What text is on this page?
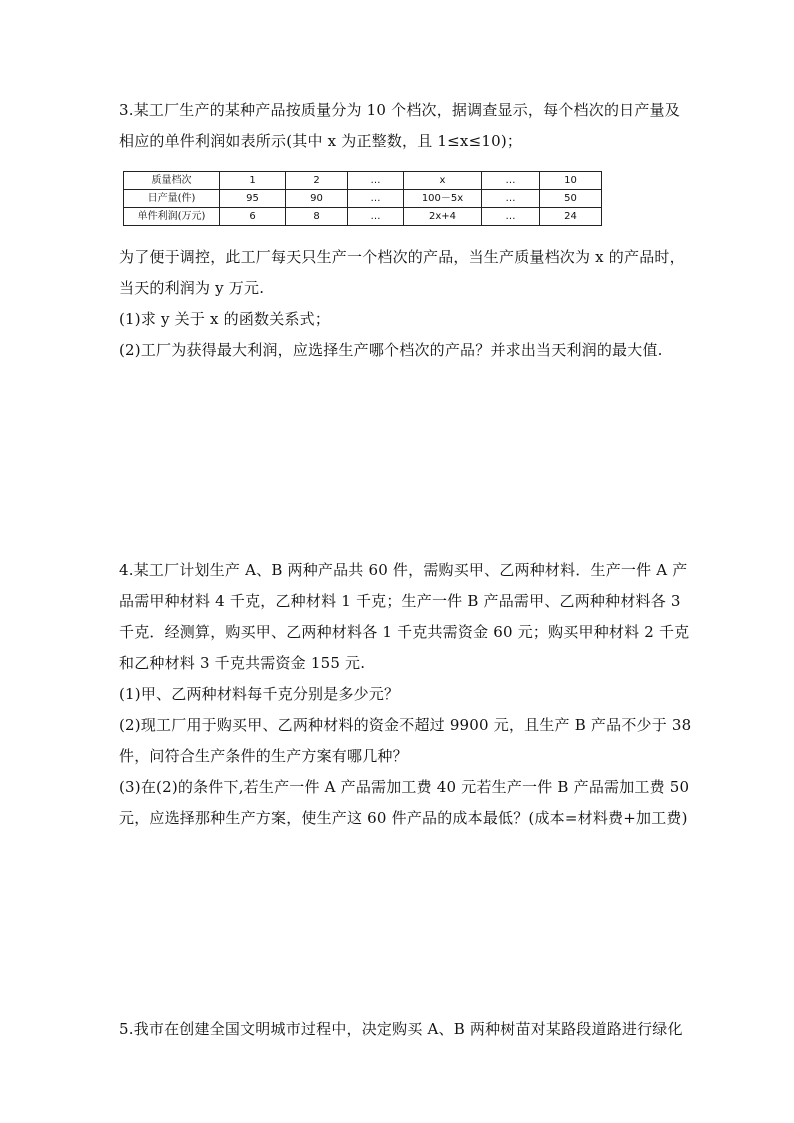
3.某工厂生产的某种产品按质量分为 10 个档次，据调查显示，每个档次的日产量及
相应的单件利润如表所示(其中 x 为正整数，且 1≤x≤10)；
质量档次	1	2	…	x	…	10
日产量(件)	95	90	…	100－5x	…	50
单件利润(万元)	6	8	…	2x+4	…	24
为了便于调控，此工厂每天只生产一个档次的产品，当生产质量档次为 x 的产品时，
当天的利润为 y 万元.
(1)求 y 关于 x 的函数关系式；
(2)工厂为获得最大利润，应选择生产哪个档次的产品？并求出当天利润的最大值.
4.某工厂计划生产 A、B 两种产品共 60 件，需购买甲、乙两种材料．生产一件 A 产
品需甲种材料 4 千克，乙种材料 1 千克；生产一件 B 产品需甲、乙两种种材料各 3
千克．经测算，购买甲、乙两种材料各 1 千克共需资金 60 元；购买甲种材料 2 千克
和乙种材料 3 千克共需资金 155 元.
(1)甲、乙两种材料每千克分别是多少元？
(2)现工厂用于购买甲、乙两种材料的资金不超过 9900 元，且生产 B 产品不少于 38
件，问符合生产条件的生产方案有哪几种？
(3)在(2)的条件下,若生产一件 A 产品需加工费 40 元若生产一件 B 产品需加工费 50
元，应选择那种生产方案，使生产这 60 件产品的成本最低？(成本=材料费+加工费)
5.我市在创建全国文明城市过程中，决定购买 A、B 两种树苗对某路段道路进行绿化
